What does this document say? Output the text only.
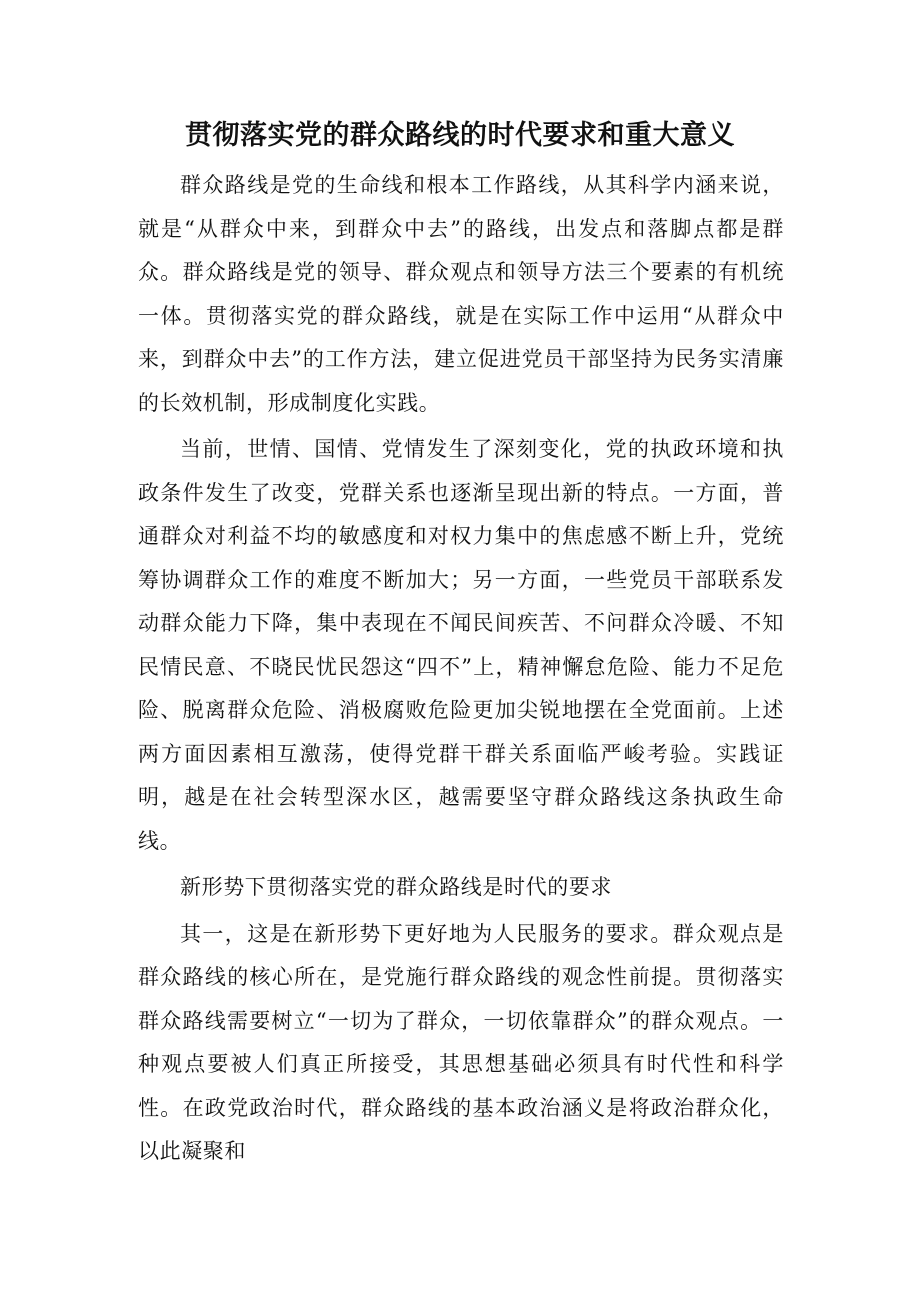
贯彻落实党的群众路线的时代要求和重大意义

群众路线是党的生命线和根本工作路线，从其科学内涵来说，就是“从群众中来，到群众中去”的路线，出发点和落脚点都是群众。群众路线是党的领导、群众观点和领导方法三个要素的有机统一体。贯彻落实党的群众路线，就是在实际工作中运用“从群众中来，到群众中去”的工作方法，建立促进党员干部坚持为民务实清廉的长效机制，形成制度化实践。

当前，世情、国情、党情发生了深刻变化，党的执政环境和执政条件发生了改变，党群关系也逐渐呈现出新的特点。一方面，普通群众对利益不均的敏感度和对权力集中的焦虑感不断上升，党统筹协调群众工作的难度不断加大；另一方面，一些党员干部联系发动群众能力下降，集中表现在不闻民间疾苦、不问群众冷暖、不知民情民意、不晓民忧民怨这“四不”上，精神懈怠危险、能力不足危险、脱离群众危险、消极腐败危险更加尖锐地摆在全党面前。上述两方面因素相互激荡，使得党群干群关系面临严峻考验。实践证明，越是在社会转型深水区，越需要坚守群众路线这条执政生命线。

新形势下贯彻落实党的群众路线是时代的要求

其一，这是在新形势下更好地为人民服务的要求。群众观点是群众路线的核心所在，是党施行群众路线的观念性前提。贯彻落实群众路线需要树立“一切为了群众，一切依靠群众”的群众观点。一种观点要被人们真正所接受，其思想基础必须具有时代性和科学性。在政党政治时代，群众路线的基本政治涵义是将政治群众化，以此凝聚和
